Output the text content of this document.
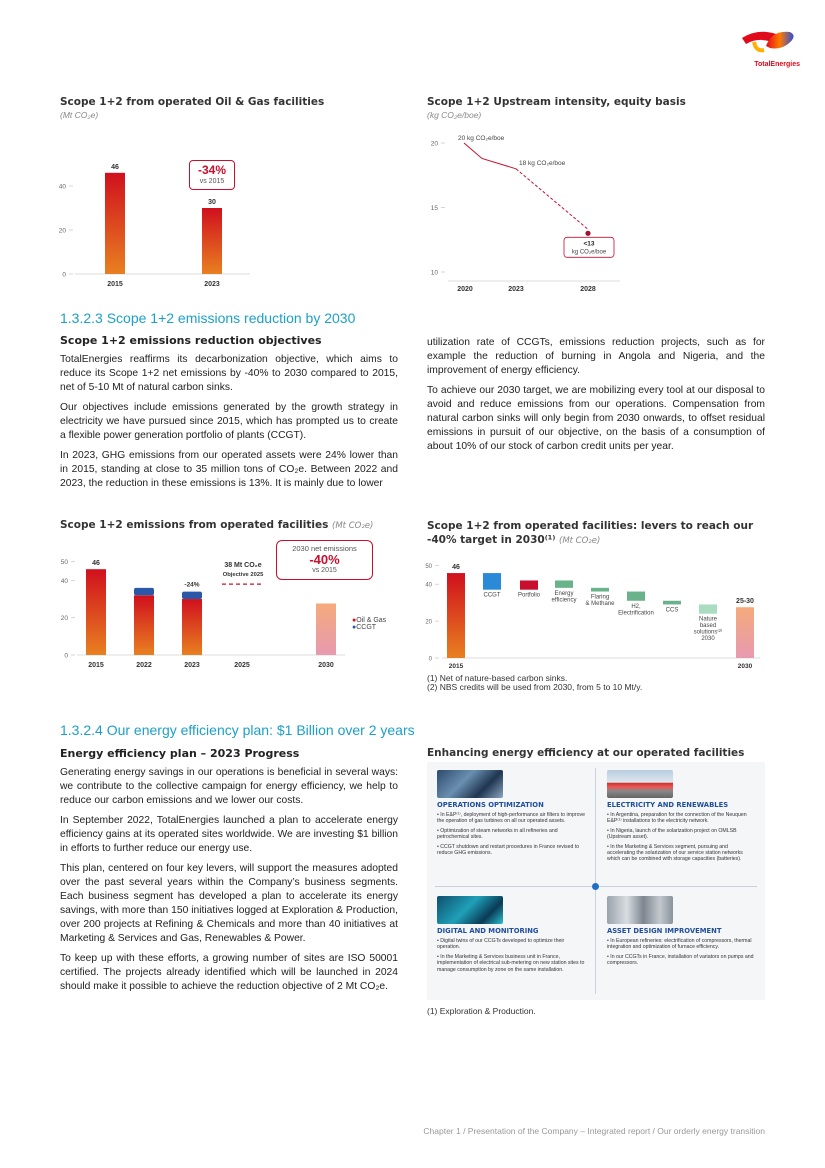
TotalEnergies
Scope 1+2 from operated Oil & Gas facilities
(Mt CO₂e)
0
20
40
46
2015
30
2023
-34%
vs 2015
Scope 1+2 Upstream intensity, equity basis
(kg CO₂e/boe)
10
15
20
2020	2023	2028
20 kg CO₂e/boe
18 kg CO₂e/boe
<13
kg CO₂e/boe
1.3.2.3 Scope 1+2 emissions reduction by 2030
Scope 1+2 emissions reduction objectives

TotalEnergies reaffirms its decarbonization objective, which aims to reduce its Scope 1+2 net emissions by -40% to 2030 compared to 2015, net of 5-10 Mt of natural carbon sinks.

Our objectives include emissions generated by the growth strategy in electricity we have pursued since 2015, which has prompted us to create a flexible power generation portfolio of plants (CCGT).

In 2023, GHG emissions from our operated assets were 24% lower than in 2015, standing at close to 35 million tons of CO₂e. Between 2022 and 2023, the reduction in these emissions is 13%. It is mainly due to lower

utilization rate of CCGTs, emissions reduction projects, such as for example the reduction of burning in Angola and Nigeria, and the improvement of energy efficiency.

To achieve our 2030 target, we are mobilizing every tool at our disposal to avoid and reduce emissions from our operations. Compensation from natural carbon sinks will only begin from 2030 onwards, to offset residual emissions in pursuit of our objective, on the basis of a consumption of about 10% of our stock of carbon credit units per year.

Scope 1+2 emissions from operated facilities (Mt CO₂e)
0
20
40
50	46
-24%
38 Mt CO₂e
Objective 2025
2015	2022	2023	2025	2030
2030 net emissions
-40%
vs 2015
●Oil & Gas
●CCGT
Scope 1+2 from operated facilities: levers to reach our -40% target in 2030⁽¹⁾ (Mt CO₂e)
0
20
40
50	46
CCGT	Portfolio Energy
efficiency Flaring
& Methane	H2,
Electrification CCS
Nature
based
solutions⁽²⁾
2030
25-30
2015	2030
(1) Net of nature-based carbon sinks.
(2) NBS credits will be used from 2030, from 5 to 10 Mt/y.
1.3.2.4 Our energy efficiency plan: $1 Billion over 2 years
Energy efficiency plan – 2023 Progress

Generating energy savings in our operations is beneficial in several ways: we contribute to the collective campaign for energy efficiency, we help to reduce our carbon emissions and we lower our costs.

In September 2022, TotalEnergies launched a plan to accelerate energy efficiency gains at its operated sites worldwide. We are investing $1 billion in efforts to further reduce our energy use.

This plan, centered on four key levers, will support the measures adopted over the past several years within the Company’s business segments. Each business segment has developed a plan to accelerate its energy savings, with more than 150 initiatives logged at Exploration & Production, over 200 projects at Refining & Chemicals and more than 40 initiatives at Marketing & Services and Gas, Renewables & Power.

To keep up with these efforts, a growing number of sites are ISO 50001 certified. The projects already identified which will be launched in 2024 should make it possible to achieve the reduction objective of 2 Mt CO₂e.

Enhancing energy efficiency at our operated facilities
OPERATIONS OPTIMIZATION
• In E&P⁽¹⁾, deployment of high-performance air filters to improve the operation of gas turbines on all our operated assets.
• Optimization of steam networks in all refineries and petrochemical sites.
• CCGT shutdown and restart procedures in France revised to reduce GHG emissions.
ELECTRICITY AND RENEWABLES
• In Argentina, preparation for the connection of the Neuquen E&P⁽¹⁾ installations to the electricity network.
• In Nigeria, launch of the solarization project on OMLSB (Upstream asset).
• In the Marketing & Services segment, pursuing and accelerating the solarization of our service station networks which can be combined with storage capacities (batteries).
DIGITAL AND MONITORING
• Digital twins of our CCGTs developed to optimize their operation.
• In the Marketing & Services business unit in France, implementation of electrical sub-metering on new station sites to manage consumption by zone on the same installation.
ASSET DESIGN IMPROVEMENT
• In European refineries: electrification of compressors, thermal integration and optimization of furnace efficiency.
• In our CCGTs in France, installation of variators on pumps and compressors.
(1) Exploration & Production.
Chapter 1 / Presentation of the Company – Integrated report / Our orderly energy transition
